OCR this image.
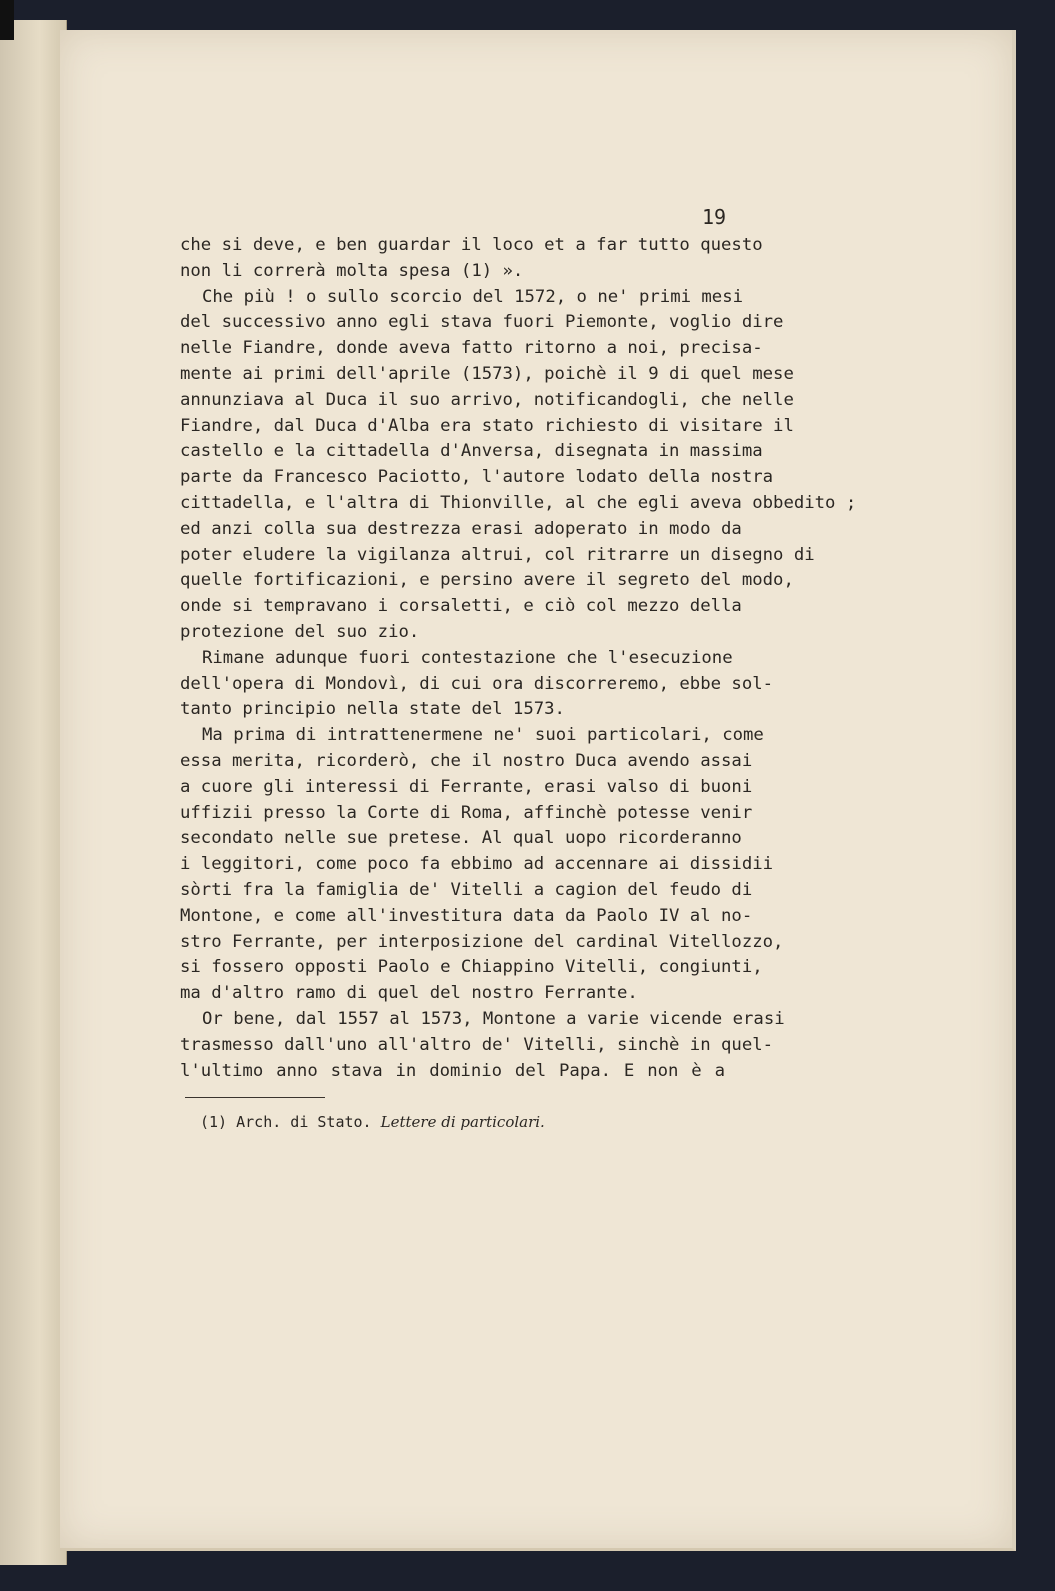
19
che si deve, e ben guardar il loco et a far tutto questo
non li correrà molta spesa (1) ».
Che più ! o sullo scorcio del 1572, o ne' primi mesi
del successivo anno egli stava fuori Piemonte, voglio dire
nelle Fiandre, donde aveva fatto ritorno a noi, precisa-
mente ai primi dell'aprile (1573), poichè il 9 di quel mese
annunziava al Duca il suo arrivo, notificandogli, che nelle
Fiandre, dal Duca d'Alba era stato richiesto di visitare il
castello e la cittadella d'Anversa, disegnata in massima
parte da Francesco Paciotto, l'autore lodato della nostra
cittadella, e l'altra di Thionville, al che egli aveva obbedito ;
ed anzi colla sua destrezza erasi adoperato in modo da
poter eludere la vigilanza altrui, col ritrarre un disegno di
quelle fortificazioni, e persino avere il segreto del modo,
onde si tempravano i corsaletti, e ciò col mezzo della
protezione del suo zio.
Rimane adunque fuori contestazione che l'esecuzione
dell'opera di Mondovì, di cui ora discorreremo, ebbe sol-
tanto principio nella state del 1573.
Ma prima di intrattenermene ne' suoi particolari, come
essa merita, ricorderò, che il nostro Duca avendo assai
a cuore gli interessi di Ferrante, erasi valso di buoni
uffizii presso la Corte di Roma, affinchè potesse venir
secondato nelle sue pretese. Al qual uopo ricorderanno
i leggitori, come poco fa ebbimo ad accennare ai dissidii
sòrti fra la famiglia de' Vitelli a cagion del feudo di
Montone, e come all'investitura data da Paolo IV al no-
stro Ferrante, per interposizione del cardinal Vitellozzo,
si fossero opposti Paolo e Chiappino Vitelli, congiunti,
ma d'altro ramo di quel del nostro Ferrante.
Or bene, dal 1557 al 1573, Montone a varie vicende erasi
trasmesso dall'uno all'altro de' Vitelli, sinchè in quel-
l'ultimo anno stava in dominio del Papa. E non è a
(1) Arch. di Stato. Lettere di particolari.
